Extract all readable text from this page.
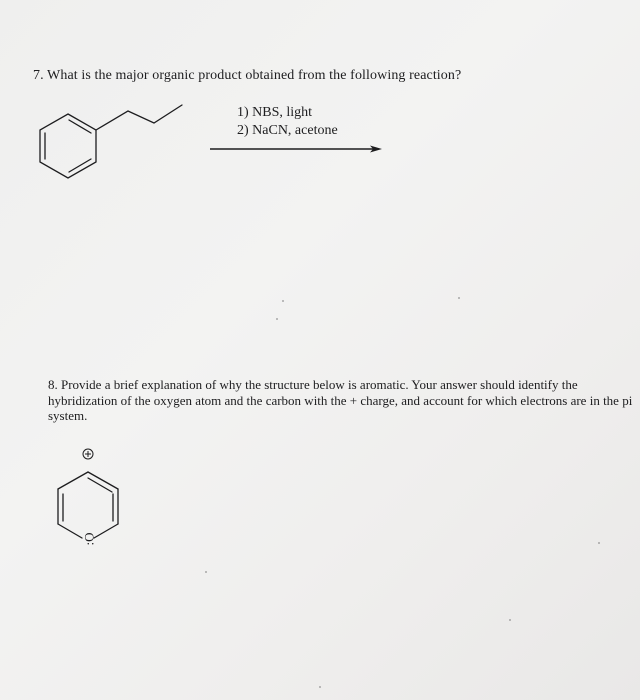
7. What is the major organic product obtained from the following reaction?
1) NBS, light
2) NaCN, acetone
8. Provide a brief explanation of why the structure below is aromatic. Your answer should identify the hybridization of the oxygen atom and the carbon with the + charge, and account for which electrons are in the pi system.
:O
